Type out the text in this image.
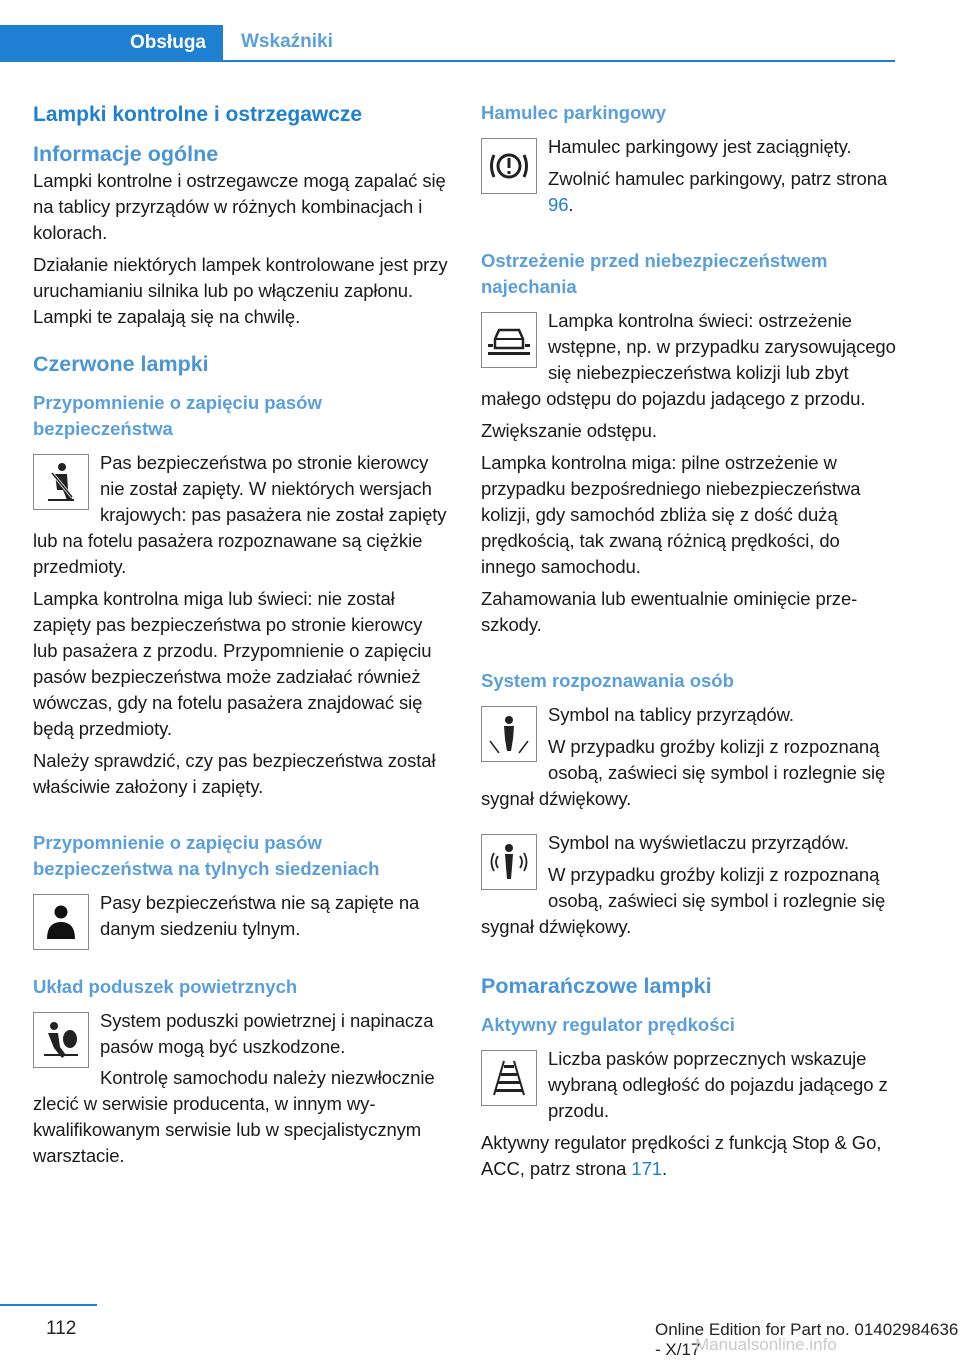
Obsługa	Wskaźniki
Lampki kontrolne i ostrzegawcze
Informacje ogólne

Lampki kontrolne i ostrzegawcze mogą zapalać się na tablicy przyrządów w różnych kombinacjach i kolorach.

Działanie niektórych lampek kontrolowane jest przy uruchamianiu silnika lub po włączeniu zapłonu. Lampki te zapalają się na chwilę.

Czerwone lampki
Przypomnienie o zapięciu pasów bezpieczeństwa

Pas bezpieczeństwa po stronie kierowcy nie został zapięty. W niektórych wersjach krajowych: pas pasażera nie został zapięty lub na fotelu pasażera rozpoznawane są ciężkie przedmioty.

Lampka kontrolna miga lub świeci: nie został zapięty pas bezpieczeństwa po stronie kierowcy lub pasażera z przodu. Przypomnienie o zapięciu pasów bezpieczeństwa może zadziałać również wówczas, gdy na fotelu pasażera znajdować się będą przedmioty.

Należy sprawdzić, czy pas bezpieczeństwa został właściwie założony i zapięty.

Przypomnienie o zapięciu pasów bezpieczeństwa na tylnych siedzeniach

Pasy bezpieczeństwa nie są zapięte na danym siedzeniu tylnym.

Układ poduszek powietrznych

System poduszki powietrznej i napinacza pasów mogą być uszkodzone.

Kontrolę samochodu należy niezwłocznie zlecić w serwisie producenta, w innym wykwalifikowanym serwisie lub w specjalistycznym warsztacie.

Hamulec parkingowy

Hamulec parkingowy jest zaciągnięty.

Zwolnić hamulec parkingowy, patrz strona 96.

Ostrzeżenie przed niebezpieczeństwem najechania

Lampka kontrolna świeci: ostrzeżenie wstępne, np. w przypadku zarysowującego się niebezpieczeństwa kolizji lub zbyt małego odstępu do pojazdu jadącego z przodu.

Zwiększanie odstępu.

Lampka kontrolna miga: pilne ostrzeżenie w przypadku bezpośredniego niebezpieczeństwa kolizji, gdy samochód zbliża się z dość dużą prędkością, tak zwaną różnicą prędkości, do innego samochodu.

Zahamowania lub ewentualnie ominięcie przeszkody.

System rozpoznawania osób

Symbol na tablicy przyrządów.

W przypadku groźby kolizji z rozpoznaną osobą, zaświeci się symbol i rozlegnie się sygnał dźwiękowy.

Symbol na wyświetlaczu przyrządów.

W przypadku groźby kolizji z rozpoznaną osobą, zaświeci się symbol i rozlegnie się sygnał dźwiękowy.

Pomarańczowe lampki
Aktywny regulator prędkości

Liczba pasków poprzecznych wskazuje wybraną odległość do pojazdu jadącego z przodu.

Aktywny regulator prędkości z funkcją Stop & Go, ACC, patrz strona 171.

112	Online Edition for Part no. 01402984636 - X/17
Manualsonline.info
